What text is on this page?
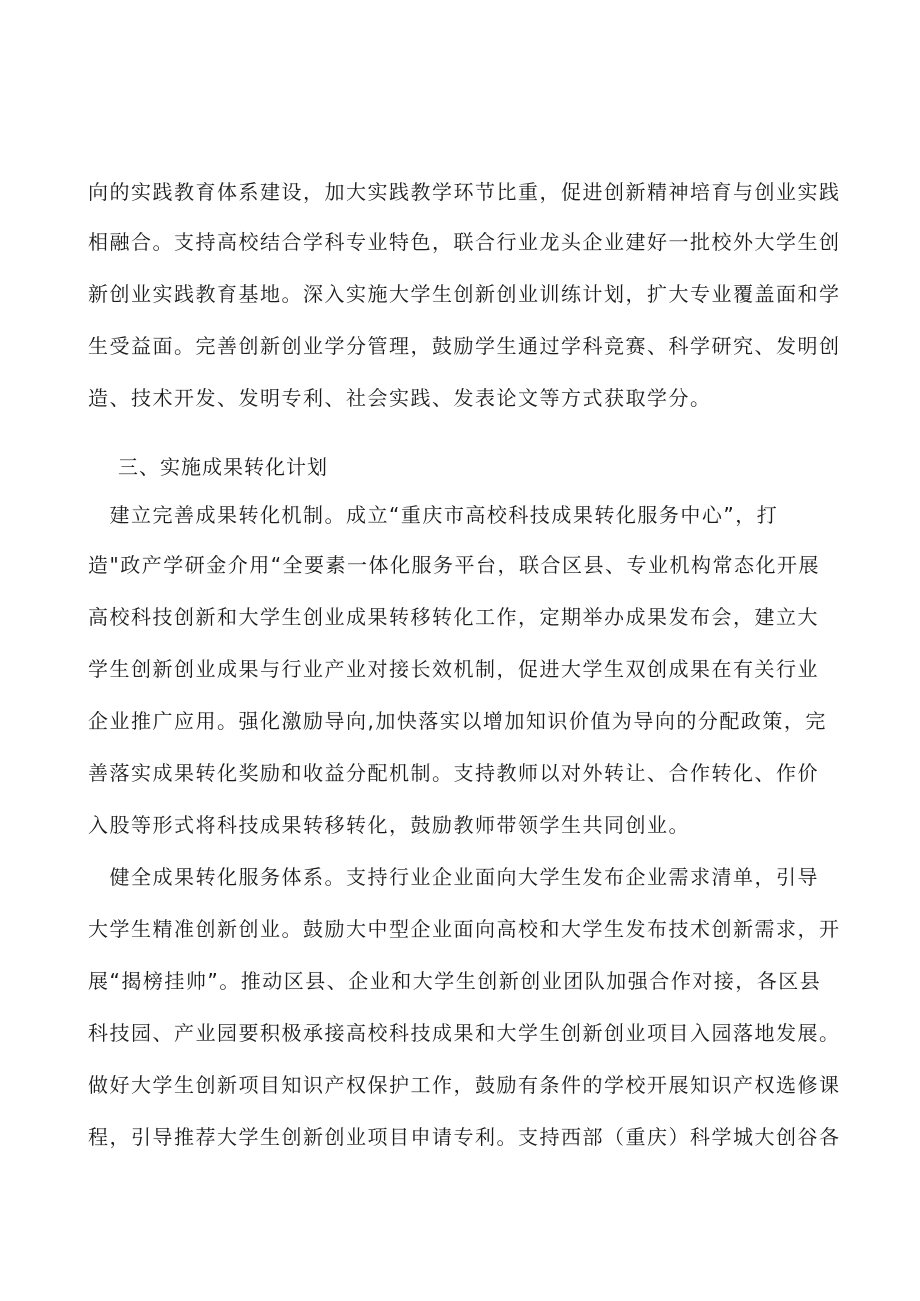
向的实践教育体系建设，加大实践教学环节比重，促进创新精神培育与创业实践
相融合。支持高校结合学科专业特色，联合行业龙头企业建好一批校外大学生创
新创业实践教育基地。深入实施大学生创新创业训练计划，扩大专业覆盖面和学
生受益面。完善创新创业学分管理，鼓励学生通过学科竞赛、科学研究、发明创
造、技术开发、发明专利、社会实践、发表论文等方式获取学分。
三、实施成果转化计划
　建立完善成果转化机制。成立“重庆市高校科技成果转化服务中心”，打
造"政产学研金介用“全要素一体化服务平台，联合区县、专业机构常态化开展
高校科技创新和大学生创业成果转移转化工作，定期举办成果发布会，建立大
学生创新创业成果与行业产业对接长效机制，促进大学生双创成果在有关行业
企业推广应用。强化激励导向,加快落实以增加知识价值为导向的分配政策，完
善落实成果转化奖励和收益分配机制。支持教师以对外转让、合作转化、作价
入股等形式将科技成果转移转化，鼓励教师带领学生共同创业。
　健全成果转化服务体系。支持行业企业面向大学生发布企业需求清单，引导
大学生精准创新创业。鼓励大中型企业面向高校和大学生发布技术创新需求，开
展“揭榜挂帅”。推动区县、企业和大学生创新创业团队加强合作对接，各区县
科技园、产业园要积极承接高校科技成果和大学生创新创业项目入园落地发展。
做好大学生创新项目知识产权保护工作，鼓励有条件的学校开展知识产权选修课
程，引导推荐大学生创新创业项目申请专利。支持西部（重庆）科学城大创谷各
